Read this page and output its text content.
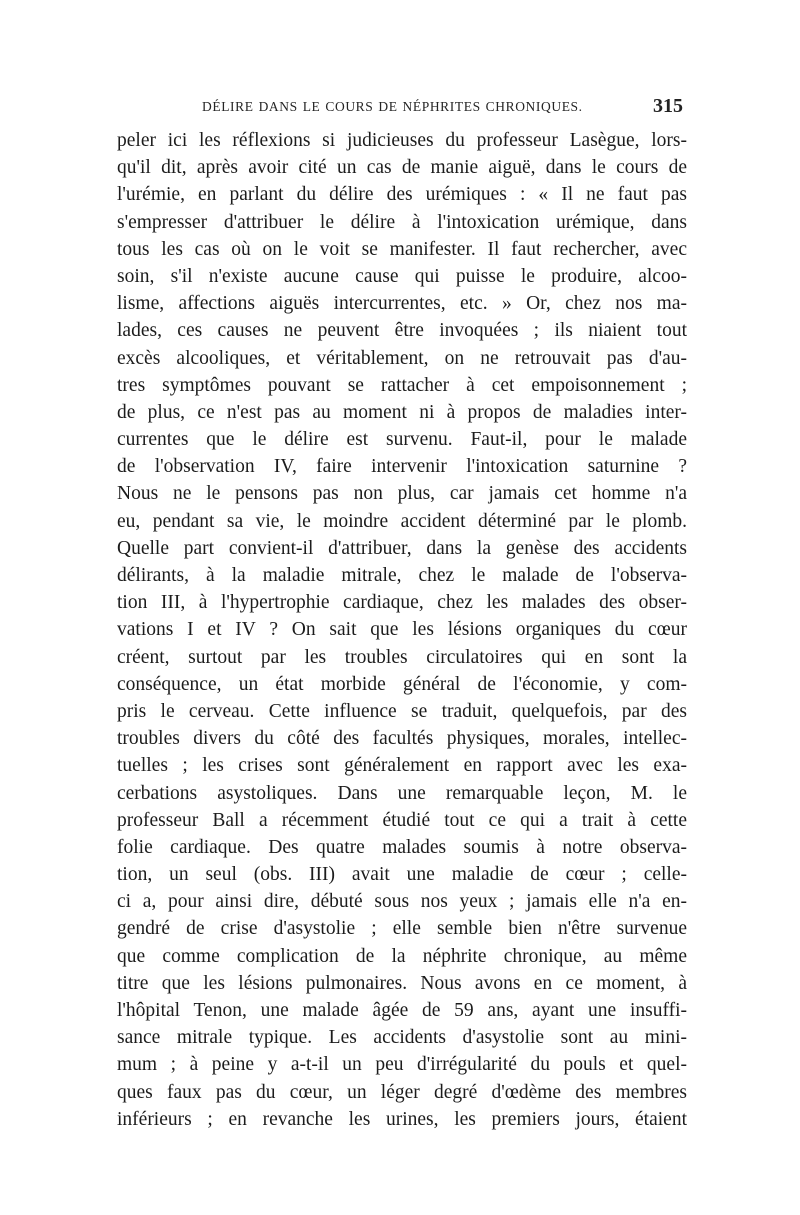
DÉLIRE DANS LE COURS DE NÉPHRITES CHRONIQUES.	315
peler ici les réflexions si judicieuses du professeur Lasègue, lors-
qu'il dit, après avoir cité un cas de manie aiguë, dans le cours de
l'urémie, en parlant du délire des urémiques : « Il ne faut pas
s'empresser d'attribuer le délire à l'intoxication urémique, dans
tous les cas où on le voit se manifester. Il faut rechercher, avec
soin, s'il n'existe aucune cause qui puisse le produire, alcoo-
lisme, affections aiguës intercurrentes, etc. » Or, chez nos ma-
lades, ces causes ne peuvent être invoquées ; ils niaient tout
excès alcooliques, et véritablement, on ne retrouvait pas d'au-
tres symptômes pouvant se rattacher à cet empoisonnement ;
de plus, ce n'est pas au moment ni à propos de maladies inter-
currentes que le délire est survenu. Faut-il, pour le malade
de l'observation IV, faire intervenir l'intoxication saturnine ?
Nous ne le pensons pas non plus, car jamais cet homme n'a
eu, pendant sa vie, le moindre accident déterminé par le plomb.
Quelle part convient-il d'attribuer, dans la genèse des accidents
délirants, à la maladie mitrale, chez le malade de l'observa-
tion III, à l'hypertrophie cardiaque, chez les malades des obser-
vations I et IV ? On sait que les lésions organiques du cœur
créent, surtout par les troubles circulatoires qui en sont la
conséquence, un état morbide général de l'économie, y com-
pris le cerveau. Cette influence se traduit, quelquefois, par des
troubles divers du côté des facultés physiques, morales, intellec-
tuelles ; les crises sont généralement en rapport avec les exa-
cerbations asystoliques. Dans une remarquable leçon, M. le
professeur Ball a récemment étudié tout ce qui a trait à cette
folie cardiaque. Des quatre malades soumis à notre observa-
tion, un seul (obs. III) avait une maladie de cœur ; celle-
ci a, pour ainsi dire, débuté sous nos yeux ; jamais elle n'a en-
gendré de crise d'asystolie ; elle semble bien n'être survenue
que comme complication de la néphrite chronique, au même
titre que les lésions pulmonaires. Nous avons en ce moment, à
l'hôpital Tenon, une malade âgée de 59 ans, ayant une insuffi-
sance mitrale typique. Les accidents d'asystolie sont au mini-
mum ; à peine y a-t-il un peu d'irrégularité du pouls et quel-
ques faux pas du cœur, un léger degré d'œdème des membres
inférieurs ; en revanche les urines, les premiers jours, étaient
